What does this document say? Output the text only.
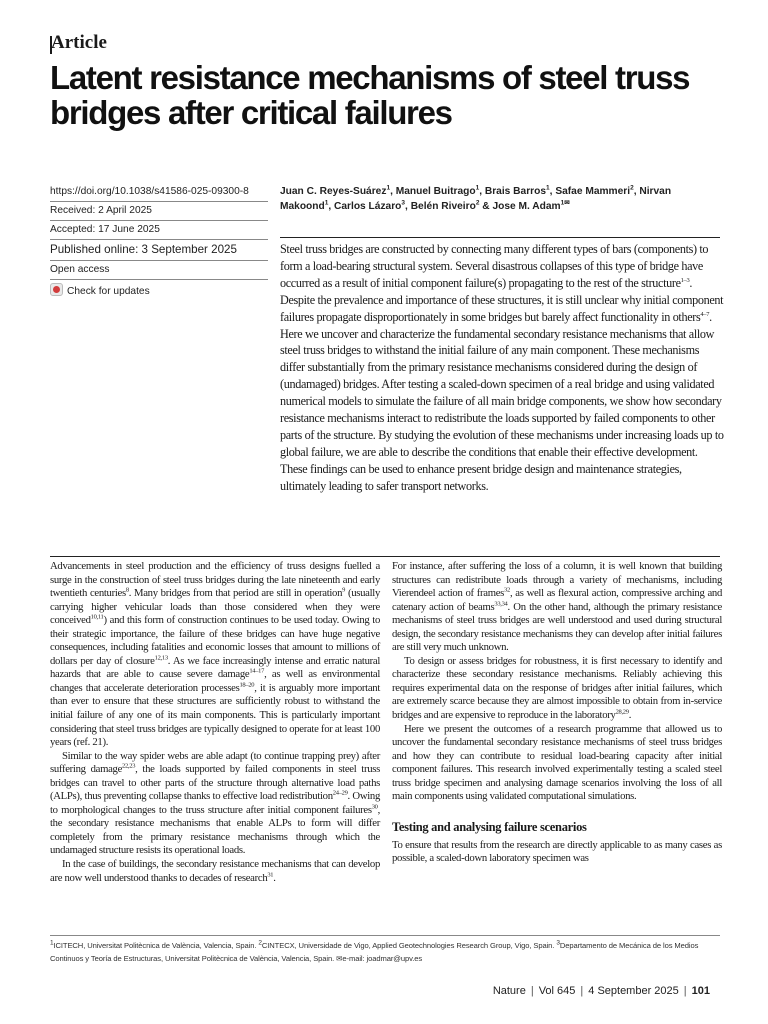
Article
Latent resistance mechanisms of steel truss bridges after critical failures
https://doi.org/10.1038/s41586-025-09300-8
Received: 2 April 2025
Accepted: 17 June 2025
Published online: 3 September 2025
Open access
Check for updates
Juan C. Reyes-Suárez$^1$, Manuel Buitrago$^1$, Brais Barros$^1$, Safae Mammeri$^2$, Nirvan Makoond$^1$, Carlos Lázaro$^3$, Belén Riveiro$^2$ & Jose M. Adam$^{1✉}$
Steel truss bridges are constructed by connecting many different types of bars (components) to form a load-bearing structural system. Several disastrous collapses of this type of bridge have occurred as a result of initial component failure(s) propagating to the rest of the structure$^{1-3}$. Despite the prevalence and importance of these structures, it is still unclear why initial component failures propagate disproportionately in some bridges but barely affect functionality in others$^{4-7}$. Here we uncover and characterize the fundamental secondary resistance mechanisms that allow steel truss bridges to withstand the initial failure of any main component. These mechanisms differ substantially from the primary resistance mechanisms considered during the design of (undamaged) bridges. After testing a scaled-down specimen of a real bridge and using validated numerical models to simulate the failure of all main bridge components, we show how secondary resistance mechanisms interact to redistribute the loads supported by failed components to other parts of the structure. By studying the evolution of these mechanisms under increasing loads up to global failure, we are able to describe the conditions that enable their effective development. These findings can be used to enhance present bridge design and maintenance strategies, ultimately leading to safer transport networks.

Advancements in steel production and the efficiency of truss designs fuelled a surge in the construction of steel truss bridges during the late nineteenth and early twentieth centuries$^8$. Many bridges from that period are still in operation$^9$ (usually carrying higher vehicular loads than those considered when they were conceived$^{10,11}$) and this form of construction continues to be used today. Owing to their strategic importance, the failure of these bridges can have huge negative consequences, including fatalities and economic losses that amount to millions of dollars per day of closure$^{12,13}$. As we face increasingly intense and erratic natural hazards that are able to cause severe damage$^{14-17}$, as well as environmental changes that accelerate deterioration processes$^{18-20}$, it is arguably more important than ever to ensure that these structures are sufficiently robust to withstand the initial failure of any one of its main components. This is particularly important considering that steel truss bridges are typically designed to operate for at least 100 years (ref. 21).

Similar to the way spider webs are able adapt (to continue trapping prey) after suffering damage$^{22,23}$, the loads supported by failed components in steel truss bridges can travel to other parts of the structure through alternative load paths (ALPs), thus preventing collapse thanks to effective load redistribution$^{24-29}$. Owing to morphological changes to the truss structure after initial component failures$^{30}$, the secondary resistance mechanisms that enable ALPs to form will differ completely from the primary resistance mechanisms through which the undamaged structure resists its operational loads.

In the case of buildings, the secondary resistance mechanisms that can develop are now well understood thanks to decades of research$^{31}$.

For instance, after suffering the loss of a column, it is well known that building structures can redistribute loads through a variety of mechanisms, including Vierendeel action of frames$^{32}$, as well as flexural action, compressive arching and catenary action of beams$^{33,34}$. On the other hand, although the primary resistance mechanisms of steel truss bridges are well understood and used during structural design, the secondary resistance mechanisms they can develop after initial failures are still very much unknown.

To design or assess bridges for robustness, it is first necessary to identify and characterize these secondary resistance mechanisms. Reliably achieving this requires experimental data on the response of bridges after initial failures, which are extremely scarce because they are almost impossible to obtain from in-service bridges and are expensive to reproduce in the laboratory$^{28,29}$.

Here we present the outcomes of a research programme that allowed us to uncover the fundamental secondary resistance mechanisms of steel truss bridges and how they can contribute to residual load-bearing capacity after initial component failures. This research involved experimentally testing a scaled steel truss bridge specimen and analysing damage scenarios involving the loss of all main components using validated computational simulations.

Testing and analysing failure scenarios

To ensure that results from the research are directly applicable to as many cases as possible, a scaled-down laboratory specimen was

$^1$ICITECH, Universitat Politècnica de València, Valencia, Spain. $^2$CINTECX, Universidade de Vigo, Applied Geotechnologies Research Group, Vigo, Spain. $^3$Departamento de Mecánica de los Medios Continuos y Teoría de Estructuras, Universitat Politècnica de València, Valencia, Spain. ✉e-mail: joadmar@upv.es
Nature | Vol 645 | 4 September 2025 | 101
